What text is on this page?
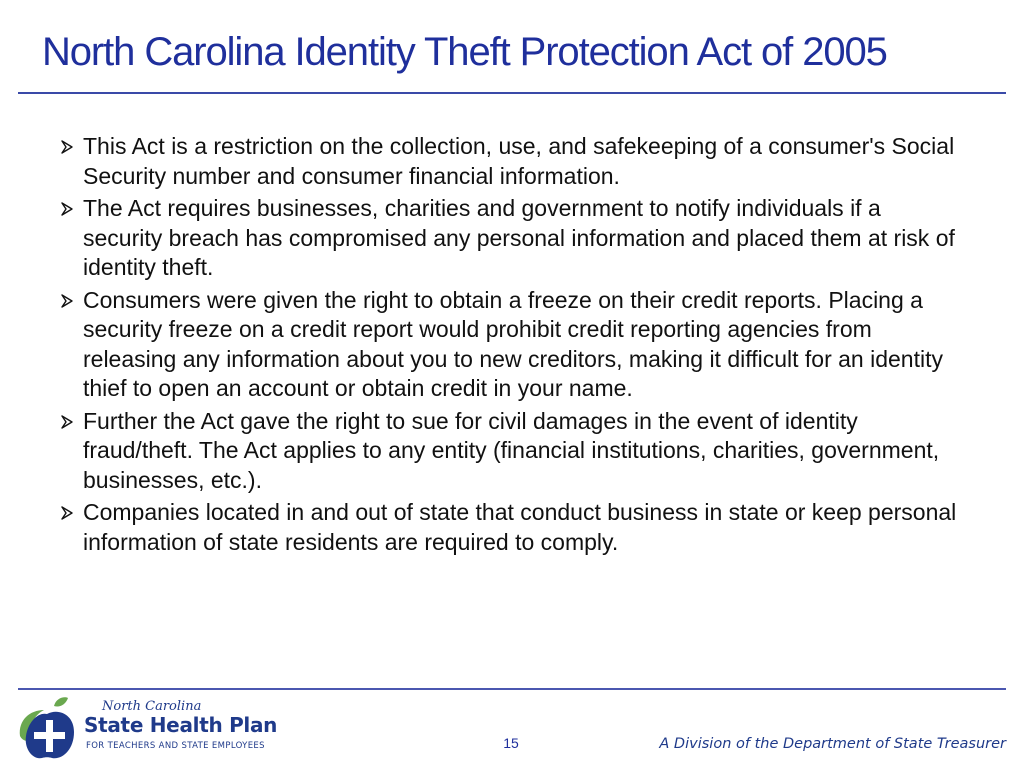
North Carolina Identity Theft Protection Act of 2005
This Act is a restriction on the collection, use, and safekeeping of a consumer's Social Security number and consumer financial information.
The Act requires businesses, charities and government to notify individuals if a security breach has compromised any personal information and placed them at risk of identity theft.
Consumers were given the right to obtain a freeze on their credit reports. Placing a security freeze on a credit report would prohibit credit reporting agencies from releasing any information about you to new creditors, making it difficult for an identity thief to open an account or obtain credit in your name.
Further the Act gave the right to sue for civil damages in the event of identity fraud/theft. The Act applies to any entity (financial institutions, charities, government, businesses, etc.).
Companies located in and out of state that conduct business in state or keep personal information of state residents are required to comply.
North Carolina
State Health Plan
FOR TEACHERS AND STATE EMPLOYEES	15	A Division of the Department of State Treasurer
